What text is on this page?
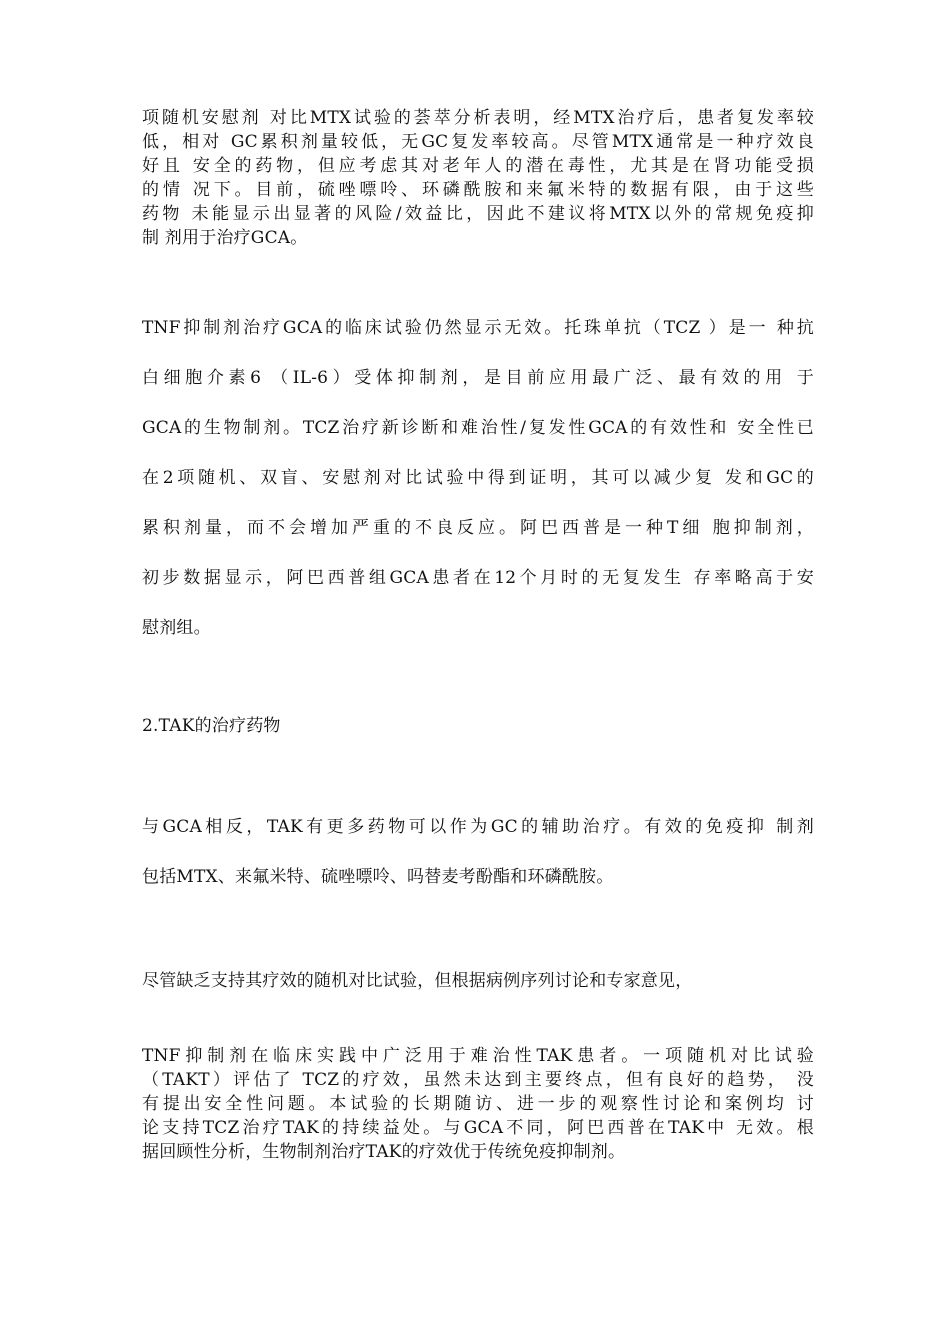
项随机安慰剂 对比MTX试验的荟萃分析表明，经MTX治疗后，患者复发率较
低，相对 GC累积剂量较低，无GC复发率较高。尽管MTX通常是一种疗效良
好且 安全的药物，但应考虑其对老年人的潜在毒性，尤其是在肾功能受损
的情 况下。目前，硫唑嘌呤、环磷酰胺和来氟米特的数据有限，由于这些
药物 未能显示出显著的风险/效益比，因此不建议将MTX以外的常规免疫抑
制 剂用于治疗GCA。
TNF抑制剂治疗GCA的临床试验仍然显示无效。托珠单抗（TCZ ）是一 种抗
白细胞介素6 （IL-6）受体抑制剂，是目前应用最广泛、最有效的用 于
GCA的生物制剂。TCZ治疗新诊断和难治性/复发性GCA的有效性和 安全性已
在2项随机、双盲、安慰剂对比试验中得到证明，其可以减少复 发和GC的
累积剂量，而不会增加严重的不良反应。阿巴西普是一种T细 胞抑制剂，
初步数据显示，阿巴西普组GCA患者在12个月时的无复发生 存率略高于安
慰剂组。
2.TAK的治疗药物
与GCA相反，TAK有更多药物可以作为GC的辅助治疗。有效的免疫抑 制剂
包括MTX、来氟米特、硫唑嘌呤、吗替麦考酚酯和环磷酰胺。
尽管缺乏支持其疗效的随机对比试验，但根据病例序列讨论和专家意见，
TNF抑制剂在临床实践中广泛用于难治性TAK患者。一项随机对比试验
（TAKT）评估了 TCZ的疗效，虽然未达到主要终点，但有良好的趋势， 没
有提出安全性问题。本试验的长期随访、进一步的观察性讨论和案例均 讨
论支持TCZ治疗TAK的持续益处。与GCA不同，阿巴西普在TAK中 无效。根
据回顾性分析，生物制剂治疗TAK的疗效优于传统免疫抑制剂。
